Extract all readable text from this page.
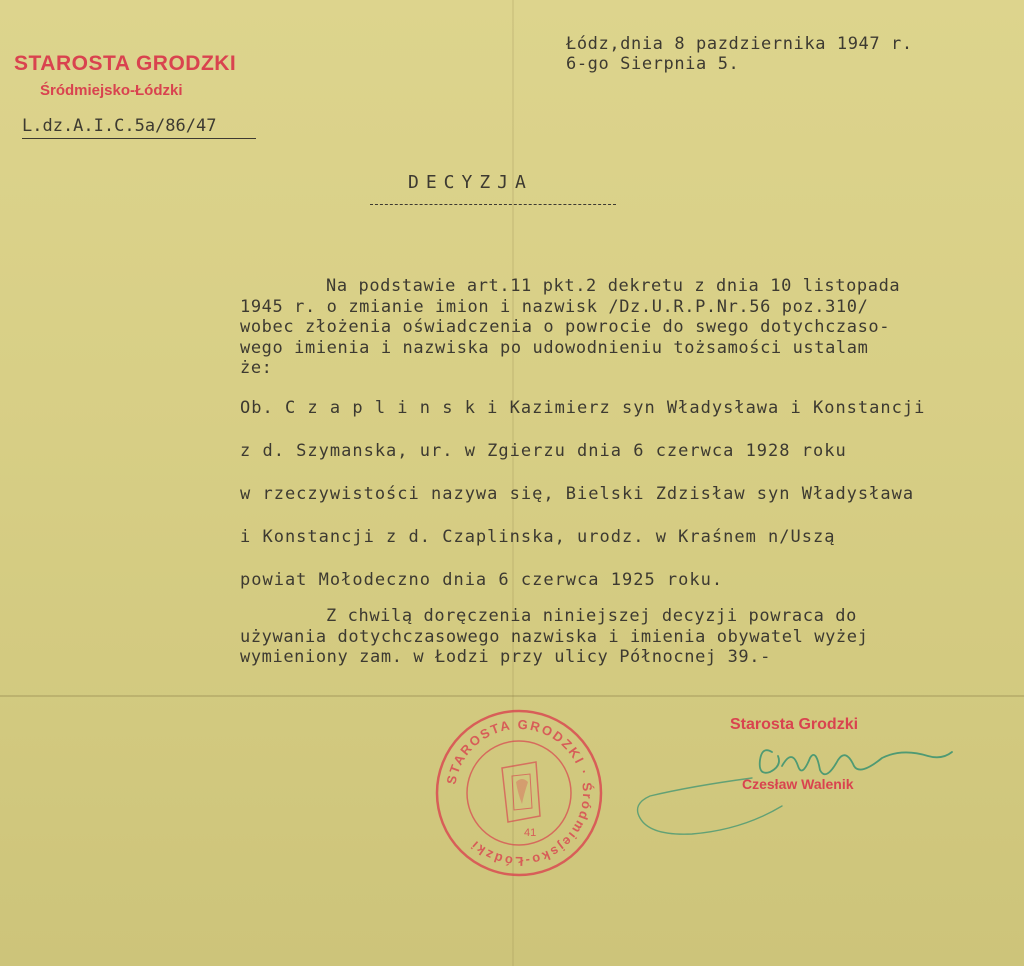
STAROSTA GRODZKI
Śródmiejsko-Łódzki
L.dz.A.I.C.5a/86/47
Łódz,dnia 8 pazdziernika 1947 r.
6-go Sierpnia 5.
DECYZJA

Na podstawie art.11 pkt.2 dekretu z dnia 10 listopada

1945 r. o zmianie imion i nazwisk /Dz.U.R.P.Nr.56 poz.310/

wobec złożenia oświadczenia o powrocie do swego dotychczaso-

wego imienia i nazwiska po udowodnieniu tożsamości ustalam

że:

Ob. C z a p l i n s k i Kazimierz syn Władysława i Konstancji

z d. Szymanska, ur. w Zgierzu dnia 6 czerwca 1928 roku

w rzeczywistości nazywa się, Bielski Zdzisław syn Władysława

i Konstancji z d. Czaplinska, urodz. w Kraśnem n/Uszą

powiat Mołodeczno dnia 6 czerwca 1925 roku.

Z chwilą doręczenia niniejszej decyzji powraca do

używania dotychczasowego nazwiska i imienia obywatel wyżej

wymieniony zam. w Łodzi przy ulicy Północnej 39.-

STAROSTA GRODZKI · Śródmiejsko-Łódzki
41
Starosta Grodzki
Czesław Walenik
